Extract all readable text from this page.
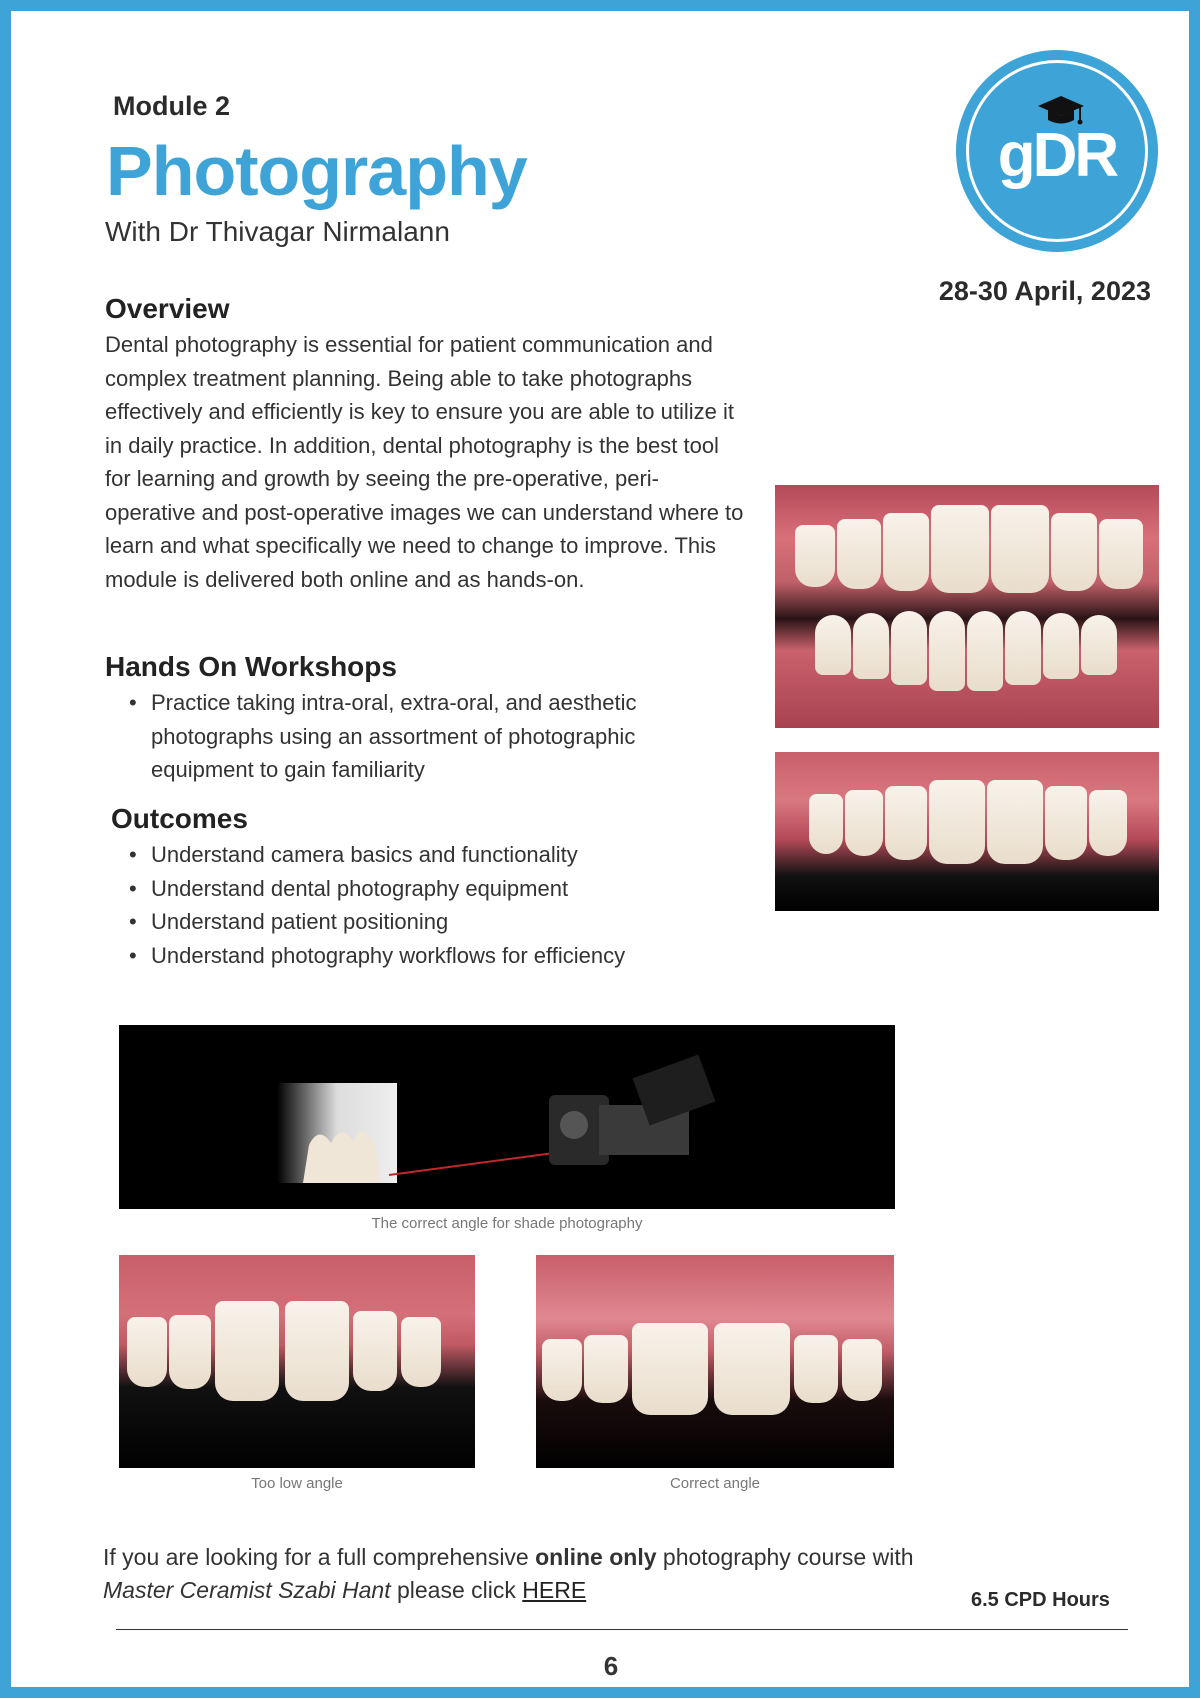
Module 2
Photography
With Dr Thivagar Nirmalann
gDR
28-30 April, 2023
Overview

Dental photography is essential for patient communication and complex treatment planning. Being able to take photographs effectively and efficiently is key to ensure you are able to utilize it in daily practice. In addition, dental photography is the best tool for learning and growth by seeing the pre-operative, peri-operative and post-operative images we can understand where to learn and what specifically we need to change to improve. This module is delivered both online and as hands-on.

Hands On Workshops
• Practice taking intra-oral, extra-oral, and aesthetic photographs using an assortment of photographic equipment to gain familiarity
Outcomes
• Understand camera basics and functionality
• Understand dental photography equipment
• Understand patient positioning
• Understand photography workflows for efficiency
The correct angle for shade photography
Too low angle	Correct angle
If you are looking for a full comprehensive online only photography course with
Master Ceramist Szabi Hant please click HERE	6.5 CPD Hours
6
